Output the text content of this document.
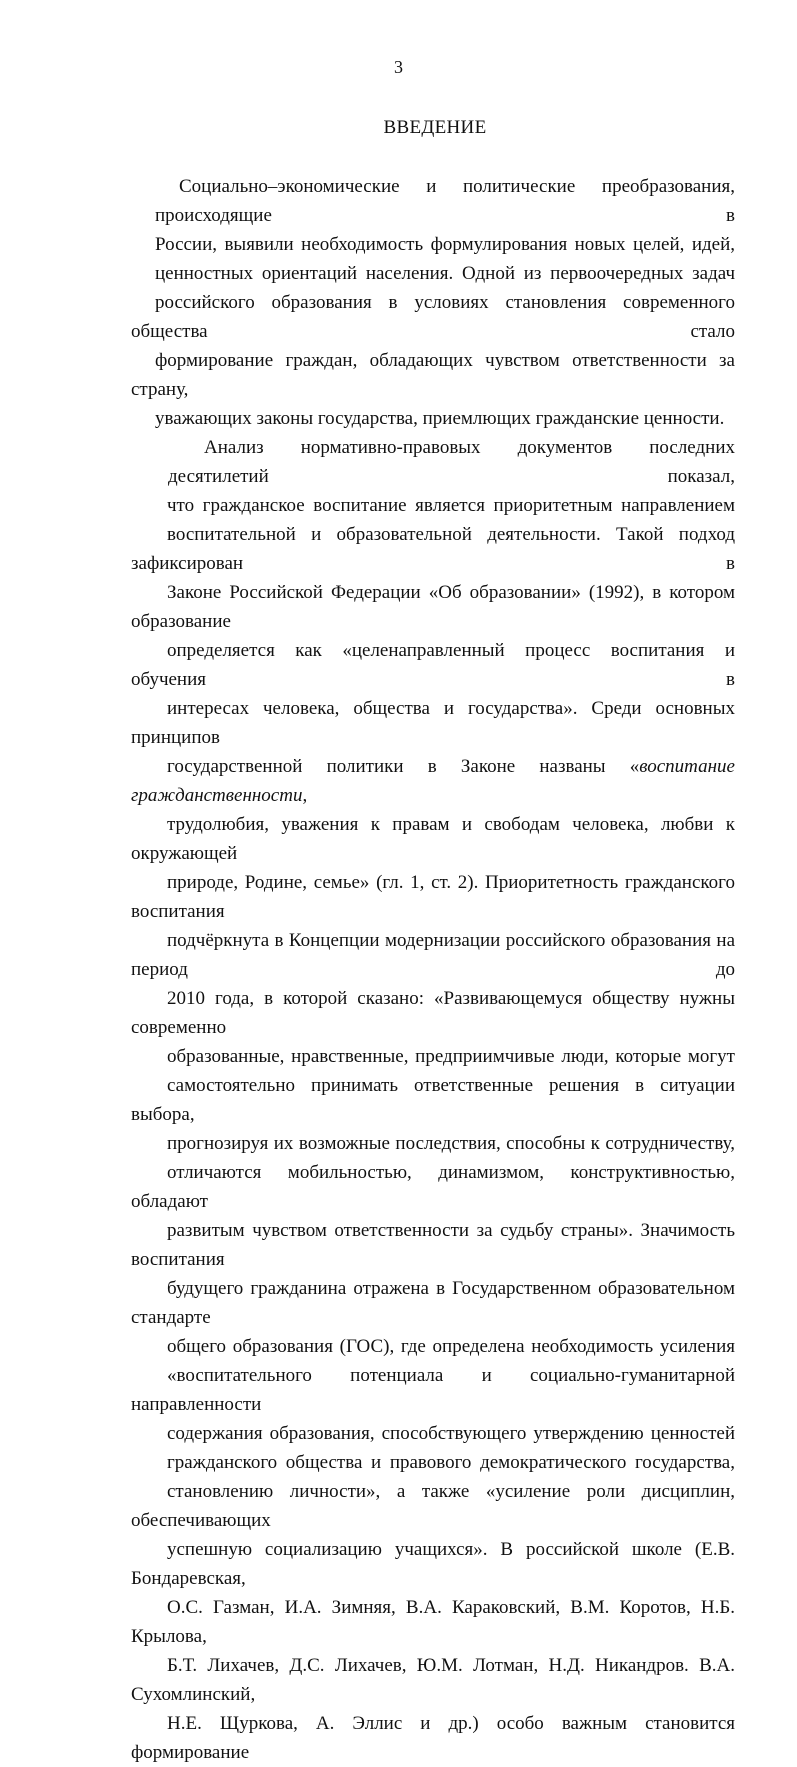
3
ВВЕДЕНИЕ
Социально–экономические и политические преобразования, происходящие в
России, выявили необходимость формулирования новых целей, идей,
ценностных ориентаций населения. Одной из первоочередных задач
российского образования в условиях становления современного общества стало
формирование граждан, обладающих чувством ответственности за страну,
уважающих законы государства, приемлющих гражданские ценности.
Анализ нормативно-правовых документов последних десятилетий показал,
что гражданское воспитание является приоритетным направлением
воспитательной и образовательной деятельности. Такой подход зафиксирован в
Законе Российской Федерации «Об образовании» (1992), в котором образование
определяется как «целенаправленный процесс воспитания и обучения в
интересах человека, общества и государства». Среди основных принципов
государственной политики в Законе названы «воспитание гражданственности,
трудолюбия, уважения к правам и свободам человека, любви к окружающей
природе, Родине, семье» (гл. 1, ст. 2). Приоритетность гражданского воспитания
подчёркнута в Концепции модернизации российского образования на период до
2010 года, в которой сказано: «Развивающемуся обществу нужны современно
образованные, нравственные, предприимчивые люди, которые могут
самостоятельно принимать ответственные решения в ситуации выбора,
прогнозируя их возможные последствия, способны к сотрудничеству,
отличаются мобильностью, динамизмом, конструктивностью, обладают
развитым чувством ответственности за судьбу страны». Значимость воспитания
будущего гражданина отражена в Государственном образовательном стандарте
общего образования (ГОС), где определена необходимость усиления
«воспитательного потенциала и социально-гуманитарной направленности
содержания образования, способствующего утверждению ценностей
гражданского общества и правового демократического государства,
становлению личности», а также «усиление роли дисциплин, обеспечивающих
успешную социализацию учащихся». В российской школе (Е.В. Бондаревская,
О.С. Газман, И.А. Зимняя, В.А. Караковский, В.М. Коротов, Н.Б. Крылова,
Б.Т. Лихачев, Д.С. Лихачев, Ю.М. Лотман, Н.Д. Никандров. В.А. Сухомлинский,
Н.Е. Щуркова, А. Эллис и др.) особо важным становится формирование
